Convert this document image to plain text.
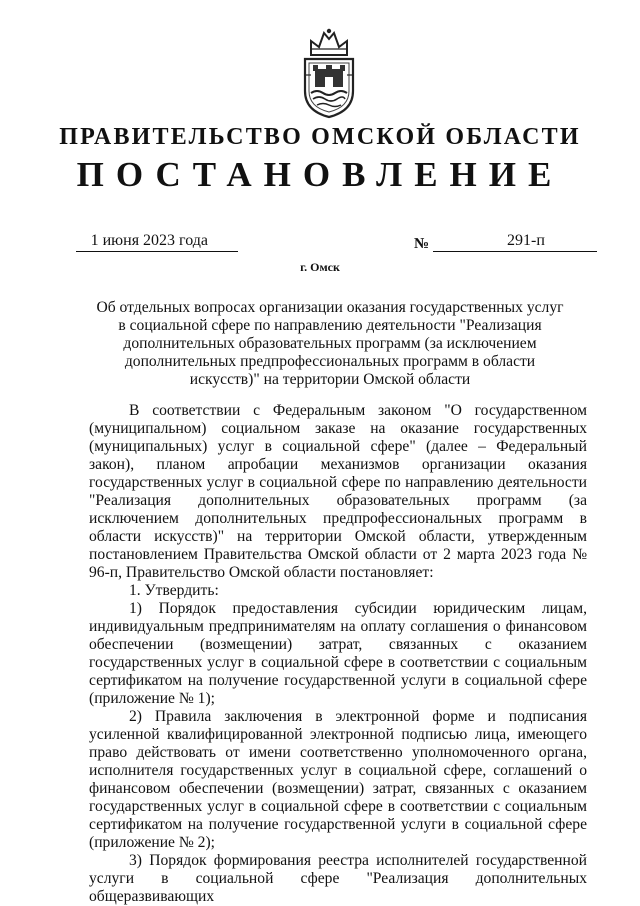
ПРАВИТЕЛЬСТВО ОМСКОЙ ОБЛАСТИ
ПОСТАНОВЛЕНИЕ
1 июня 2023 года	№	291-п
г. Омск
Об отдельных вопросах организации оказания государственных услуг в социальной сфере по направлению деятельности "Реализация дополнительных образовательных программ (за исключением дополнительных предпрофессиональных программ в области искусств)" на территории Омской области

В соответствии с Федеральным законом "О государственном (муниципальном) социальном заказе на оказание государственных (муниципальных) услуг в социальной сфере" (далее – Федеральный закон), планом апробации механизмов организации оказания государственных услуг в социальной сфере по направлению деятельности "Реализация дополнительных образовательных программ (за исключением дополнительных предпрофессиональных программ в области искусств)" на территории Омской области, утвержденным постановлением Правительства Омской области от 2 марта 2023 года № 96-п, Правительство Омской области постановляет:

1. Утвердить:

1) Порядок предоставления субсидии юридическим лицам, индивидуальным предпринимателям на оплату соглашения о финансовом обеспечении (возмещении) затрат, связанных с оказанием государственных услуг в социальной сфере в соответствии с социальным сертификатом на получение государственной услуги в социальной сфере (приложение № 1);

2) Правила заключения в электронной форме и подписания усиленной квалифицированной электронной подписью лица, имеющего право действовать от имени соответственно уполномоченного органа, исполнителя государственных услуг в социальной сфере, соглашений о финансовом обеспечении (возмещении) затрат, связанных с оказанием государственных услуг в социальной сфере в соответствии с социальным сертификатом на получение государственной услуги в социальной сфере (приложение № 2);

3) Порядок формирования реестра исполнителей государственной услуги в социальной сфере "Реализация дополнительных общеразвивающих
